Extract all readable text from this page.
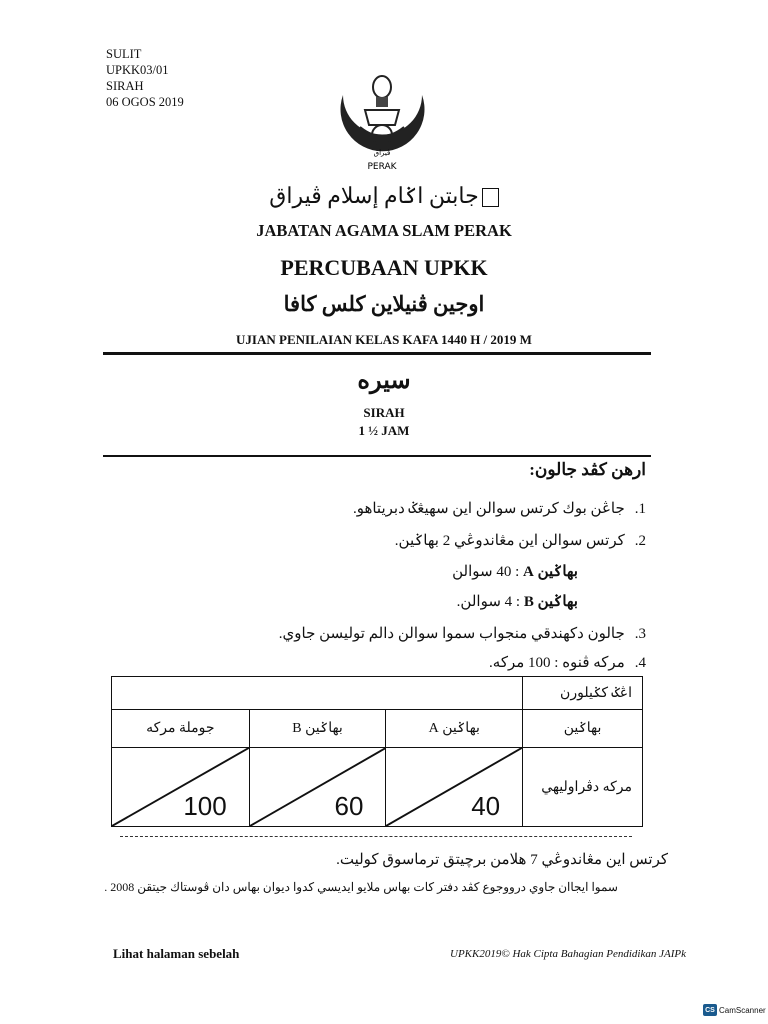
SULIT
UPKK03/01
SIRAH
06 OGOS 2019
PERAK
ڤيراق
جابتن اݢام إسلام ڤيراق
JABATAN AGAMA SLAM PERAK
PERCUBAAN UPKK
اوجين ڤنيلاين كلس كافا
UJIAN PENILAIAN KELAS KAFA 1440 H / 2019 M
سيره
SIRAH
1 ½ JAM
ارهن كڤد جالون:
1.جاڠن بوك كرتس سوالن اين سهيڠݢ دبريتاهو.
2.كرتس سوالن اين مڠاندوڠي 2 بهاݢين.
بهاݢين A : 40 سوالن
بهاݢين B : 4 سوالن.
3.جالون دكهندقي منجواب سموا سوالن دالم تولیسن جاوي.
4.مركه ڤنوه : 100 مركه.
			اڠݢ كݢيلورن
جوملة مركه	بهاݢين B	بهاݢين A	بهاݢين

100	60	40	مركه دڤراوليهي
كرتس اين مڠاندوڠي 7 هلامن برچيتق ترماسوق كولیت.
سموا ايجاان جاوي درووجوع كڤد دفتر كات بهاس ملايو ايديسي كدوا ديوان بهاس دان ڤوستاك جيتقن 2008 .
Lihat halaman sebelah	UPKK2019© Hak Cipta Bahagian Pendidikan JAIPk
CS CamScanner
